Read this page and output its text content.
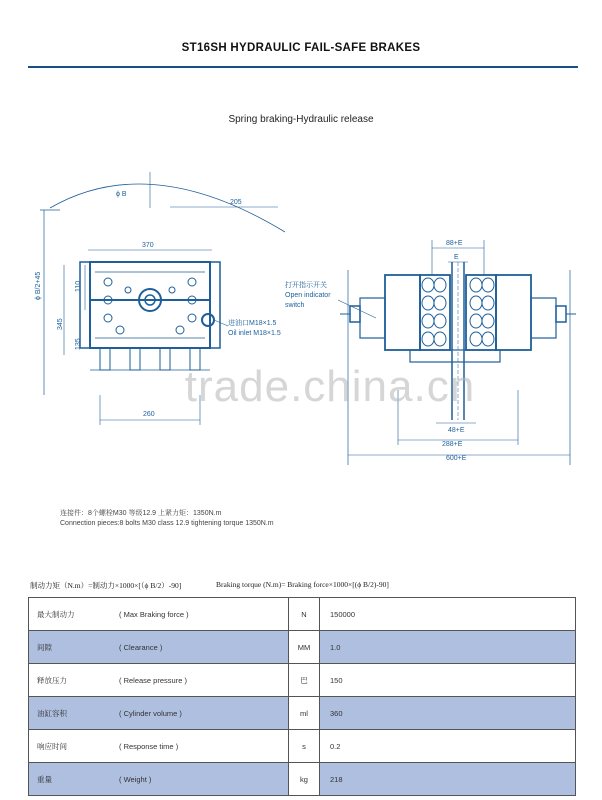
ST16SH HYDRAULIC FAIL-SAFE BRAKES
Spring braking-Hydraulic release
ϕ B
205
370
110
345
135
ϕ B/2+45
260
进油口M18×1.5
Oil inlet M18×1.5
打开指示开关
Open indicator
switch
88+E
E
48+E
288+E
600+E
trade.china.cn
连接件：8个螺栓M30 等级12.9 上紧力矩：1350N.m
Connection pieces:8 bolts M30 class 12.9 tightening torque 1350N.m
制动力矩（N.m）=制动力×1000×[（ϕ B/2）-90]	Braking torque (N.m)= Braking force×1000×[(ϕ B/2)-90]
最大制动力 ( Max Braking force )	N	150000
间隙 ( Clearance )	MM	1.0
释放压力 ( Release pressure )	巴	150
油缸容积 ( Cylinder volume )	ml	360
响应时间 ( Response time )	s	0.2
重量 ( Weight )	kg	218
